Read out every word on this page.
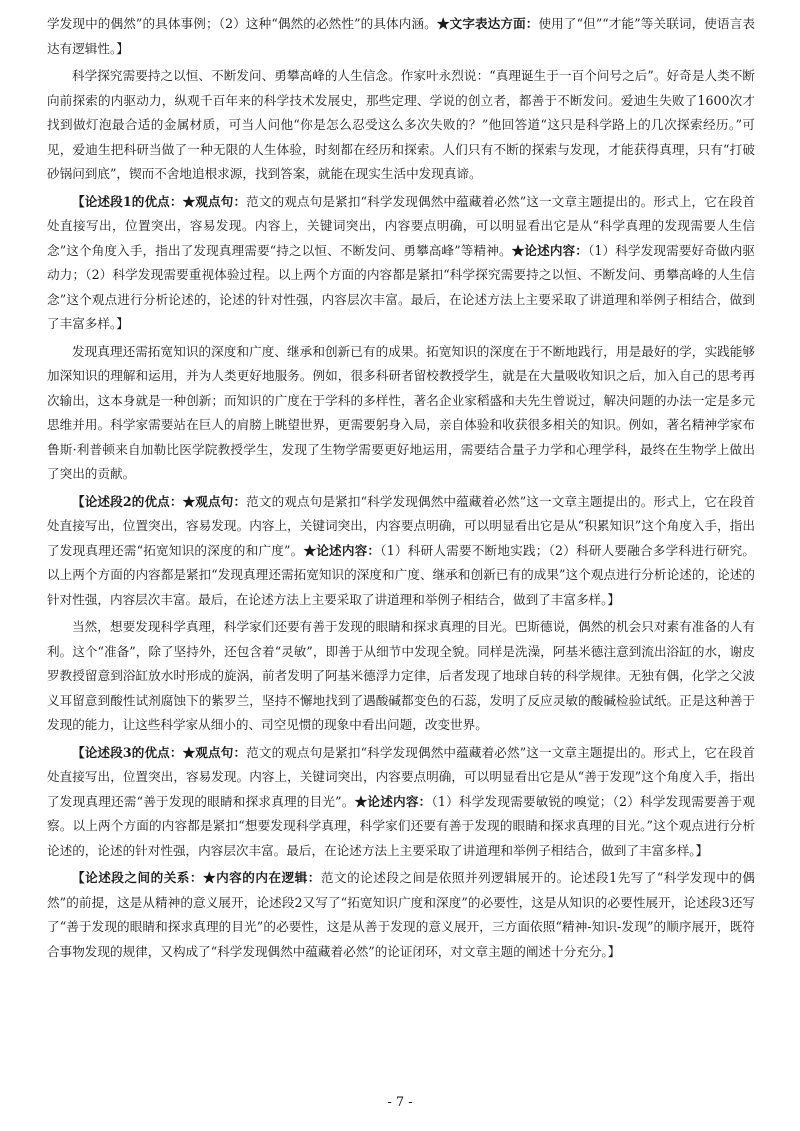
学发现中的偶然”的具体事例；（2）这种“偶然的必然性”的具体内涵。★文字表达方面：使用了“但”“才能”等关联词，使语言表达有逻辑性。】

科学探究需要持之以恒、不断发问、勇攀高峰的人生信念。作家叶永烈说：“真理诞生于一百个问号之后”。好奇是人类不断向前探索的内驱动力，纵观千百年来的科学技术发展史，那些定理、学说的创立者，都善于不断发问。爱迪生失败了1600次才找到做灯泡最合适的金属材质，可当人问他“你是怎么忍受这么多次失败的？”他回答道“这只是科学路上的几次探索经历。”可见，爱迪生把科研当做了一种无限的人生体验，时刻都在经历和探索。人们只有不断的探索与发现，才能获得真理，只有“打破砂锅问到底”，锲而不舍地追根求源，找到答案，就能在现实生活中发现真谛。

【论述段1的优点：★观点句：范文的观点句是紧扣“科学发现偶然中蕴藏着必然”这一文章主题提出的。形式上，它在段首处直接写出，位置突出，容易发现。内容上，关键词突出，内容要点明确，可以明显看出它是从“科学真理的发现需要人生信念”这个角度入手，指出了发现真理需要“持之以恒、不断发问、勇攀高峰”等精神。★论述内容：（1）科学发现需要好奇做内驱动力；（2）科学发现需要重视体验过程。以上两个方面的内容都是紧扣“科学探究需要持之以恒、不断发问、勇攀高峰的人生信念”这个观点进行分析论述的，论述的针对性强，内容层次丰富。最后，在论述方法上主要采取了讲道理和举例子相结合，做到了丰富多样。】

发现真理还需拓宽知识的深度和广度、继承和创新已有的成果。拓宽知识的深度在于不断地践行，用是最好的学，实践能够加深知识的理解和运用，并为人类更好地服务。例如，很多科研者留校教授学生，就是在大量吸收知识之后，加入自己的思考再次输出，这本身就是一种创新；而知识的广度在于学科的多样性，著名企业家稻盛和夫先生曾说过，解决问题的办法一定是多元思维并用。科学家需要站在巨人的肩膀上眺望世界，更需要躬身入局，亲自体验和收获很多相关的知识。例如，著名精神学家布鲁斯·利普顿来自加勒比医学院教授学生，发现了生物学需要更好地运用，需要结合量子力学和心理学科，最终在生物学上做出了突出的贡献。

【论述段2的优点：★观点句：范文的观点句是紧扣“科学发现偶然中蕴藏着必然”这一文章主题提出的。形式上，它在段首处直接写出，位置突出，容易发现。内容上，关键词突出，内容要点明确，可以明显看出它是从“积累知识”这个角度入手，指出了发现真理还需“拓宽知识的深度的和广度”。★论述内容：（1）科研人需要不断地实践；（2）科研人要融合多学科进行研究。以上两个方面的内容都是紧扣“发现真理还需拓宽知识的深度和广度、继承和创新已有的成果”这个观点进行分析论述的，论述的针对性强，内容层次丰富。最后，在论述方法上主要采取了讲道理和举例子相结合，做到了丰富多样。】

当然，想要发现科学真理，科学家们还要有善于发现的眼睛和探求真理的目光。巴斯德说，偶然的机会只对素有准备的人有利。这个“准备”，除了坚持外，还包含着“灵敏”，即善于从细节中发现全貌。同样是洗澡，阿基米德注意到流出浴缸的水，谢皮罗教授留意到浴缸放水时形成的旋涡，前者发明了阿基米德浮力定律，后者发现了地球自转的科学规律。无独有偶，化学之父波义耳留意到酸性试剂腐蚀下的紫罗兰，坚持不懈地找到了遇酸碱都变色的石蕊，发明了反应灵敏的酸碱检验试纸。正是这种善于发现的能力，让这些科学家从细小的、司空见惯的现象中看出问题，改变世界。

【论述段3的优点：★观点句：范文的观点句是紧扣“科学发现偶然中蕴藏着必然”这一文章主题提出的。形式上，它在段首处直接写出，位置突出，容易发现。内容上，关键词突出，内容要点明确，可以明显看出它是从“善于发现”这个角度入手，指出了发现真理还需“善于发现的眼睛和探求真理的目光”。★论述内容：（1）科学发现需要敏锐的嗅觉；（2）科学发现需要善于观察。以上两个方面的内容都是紧扣“想要发现科学真理，科学家们还要有善于发现的眼睛和探求真理的目光。”这个观点进行分析论述的，论述的针对性强，内容层次丰富。最后，在论述方法上主要采取了讲道理和举例子相结合，做到了丰富多样。】

【论述段之间的关系：★内容的内在逻辑：范文的论述段之间是依照并列逻辑展开的。论述段1先写了“科学发现中的偶然”的前提，这是从精神的意义展开，论述段2又写了“拓宽知识广度和深度”的必要性，这是从知识的必要性展开，论述段3还写了“善于发现的眼睛和探求真理的目光”的必要性，这是从善于发现的意义展开，三方面依照“精神-知识-发现”的顺序展开，既符合事物发现的规律，又构成了“科学发现偶然中蕴藏着必然”的论证闭环，对文章主题的阐述十分充分。】

- 7 -
